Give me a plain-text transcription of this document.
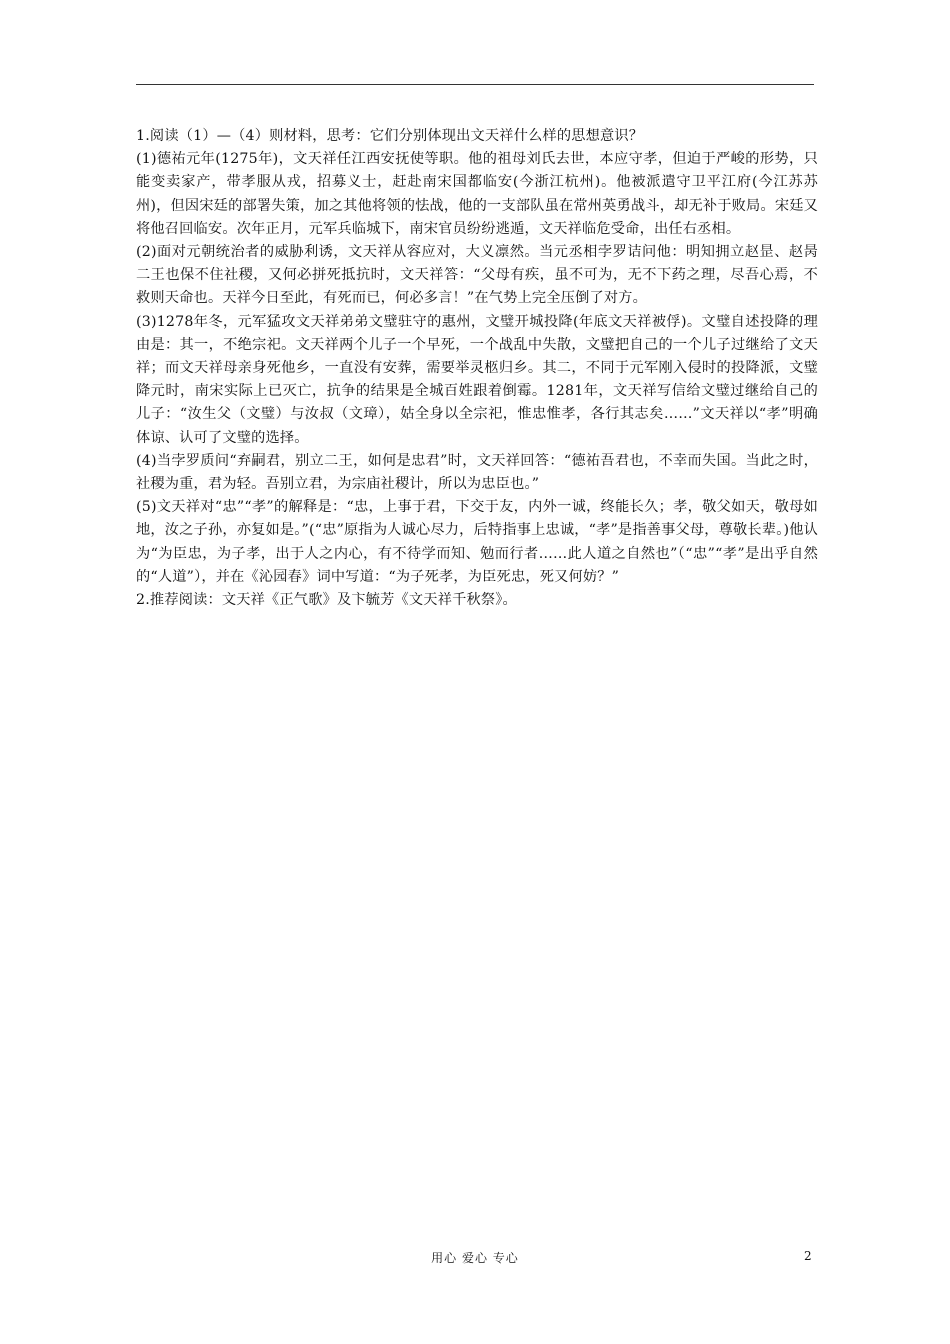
1.阅读（1）—（4）则材料，思考：它们分别体现出文天祥什么样的思想意识？

(1)德祐元年(1275年)，文天祥任江西安抚使等职。他的祖母刘氏去世，本应守孝，但迫于严峻的形势，只能变卖家产，带孝服从戎，招募义士，赶赴南宋国都临安(今浙江杭州)。他被派遣守卫平江府(今江苏苏州)，但因宋廷的部署失策，加之其他将领的怯战，他的一支部队虽在常州英勇战斗，却无补于败局。宋廷又将他召回临安。次年正月，元军兵临城下，南宋官员纷纷逃遁，文天祥临危受命，出任右丞相。

(2)面对元朝统治者的威胁利诱，文天祥从容应对，大义凛然。当元丞相孛罗诘问他：明知拥立赵昰、赵昺二王也保不住社稷，又何必拼死抵抗时，文天祥答：“父母有疾，虽不可为，无不下药之理，尽吾心焉，不救则天命也。天祥今日至此，有死而已，何必多言！”在气势上完全压倒了对方。

(3)1278年冬，元军猛攻文天祥弟弟文璧驻守的惠州，文璧开城投降(年底文天祥被俘)。文璧自述投降的理由是：其一，不绝宗祀。文天祥两个儿子一个早死，一个战乱中失散，文璧把自己的一个儿子过继给了文天祥；而文天祥母亲身死他乡，一直没有安葬，需要举灵柩归乡。其二，不同于元军刚入侵时的投降派，文璧降元时，南宋实际上已灭亡，抗争的结果是全城百姓跟着倒霉。1281年，文天祥写信给文璧过继给自己的儿子：“汝生父（文璧）与汝叔（文璋），姑全身以全宗祀，惟忠惟孝，各行其志矣……”文天祥以“孝”明确体谅、认可了文璧的选择。

(4)当孛罗质问“弃嗣君，别立二王，如何是忠君”时，文天祥回答：“德祐吾君也，不幸而失国。当此之时，社稷为重，君为轻。吾别立君，为宗庙社稷计，所以为忠臣也。”

(5)文天祥对“忠”“孝”的解释是：“忠，上事于君，下交于友，内外一诚，终能长久；孝，敬父如天，敬母如地，汝之子孙，亦复如是。”(“忠”原指为人诚心尽力，后特指事上忠诚，“孝”是指善事父母，尊敬长辈。)他认为“为臣忠，为子孝，出于人之内心，有不待学而知、勉而行者……此人道之自然也”（“忠”“孝”是出乎自然的“人道”），并在《沁园春》词中写道：“为子死孝，为臣死忠，死又何妨？”

2.推荐阅读：文天祥《正气歌》及卞毓芳《文天祥千秋祭》。

用心 爱心 专心	2
